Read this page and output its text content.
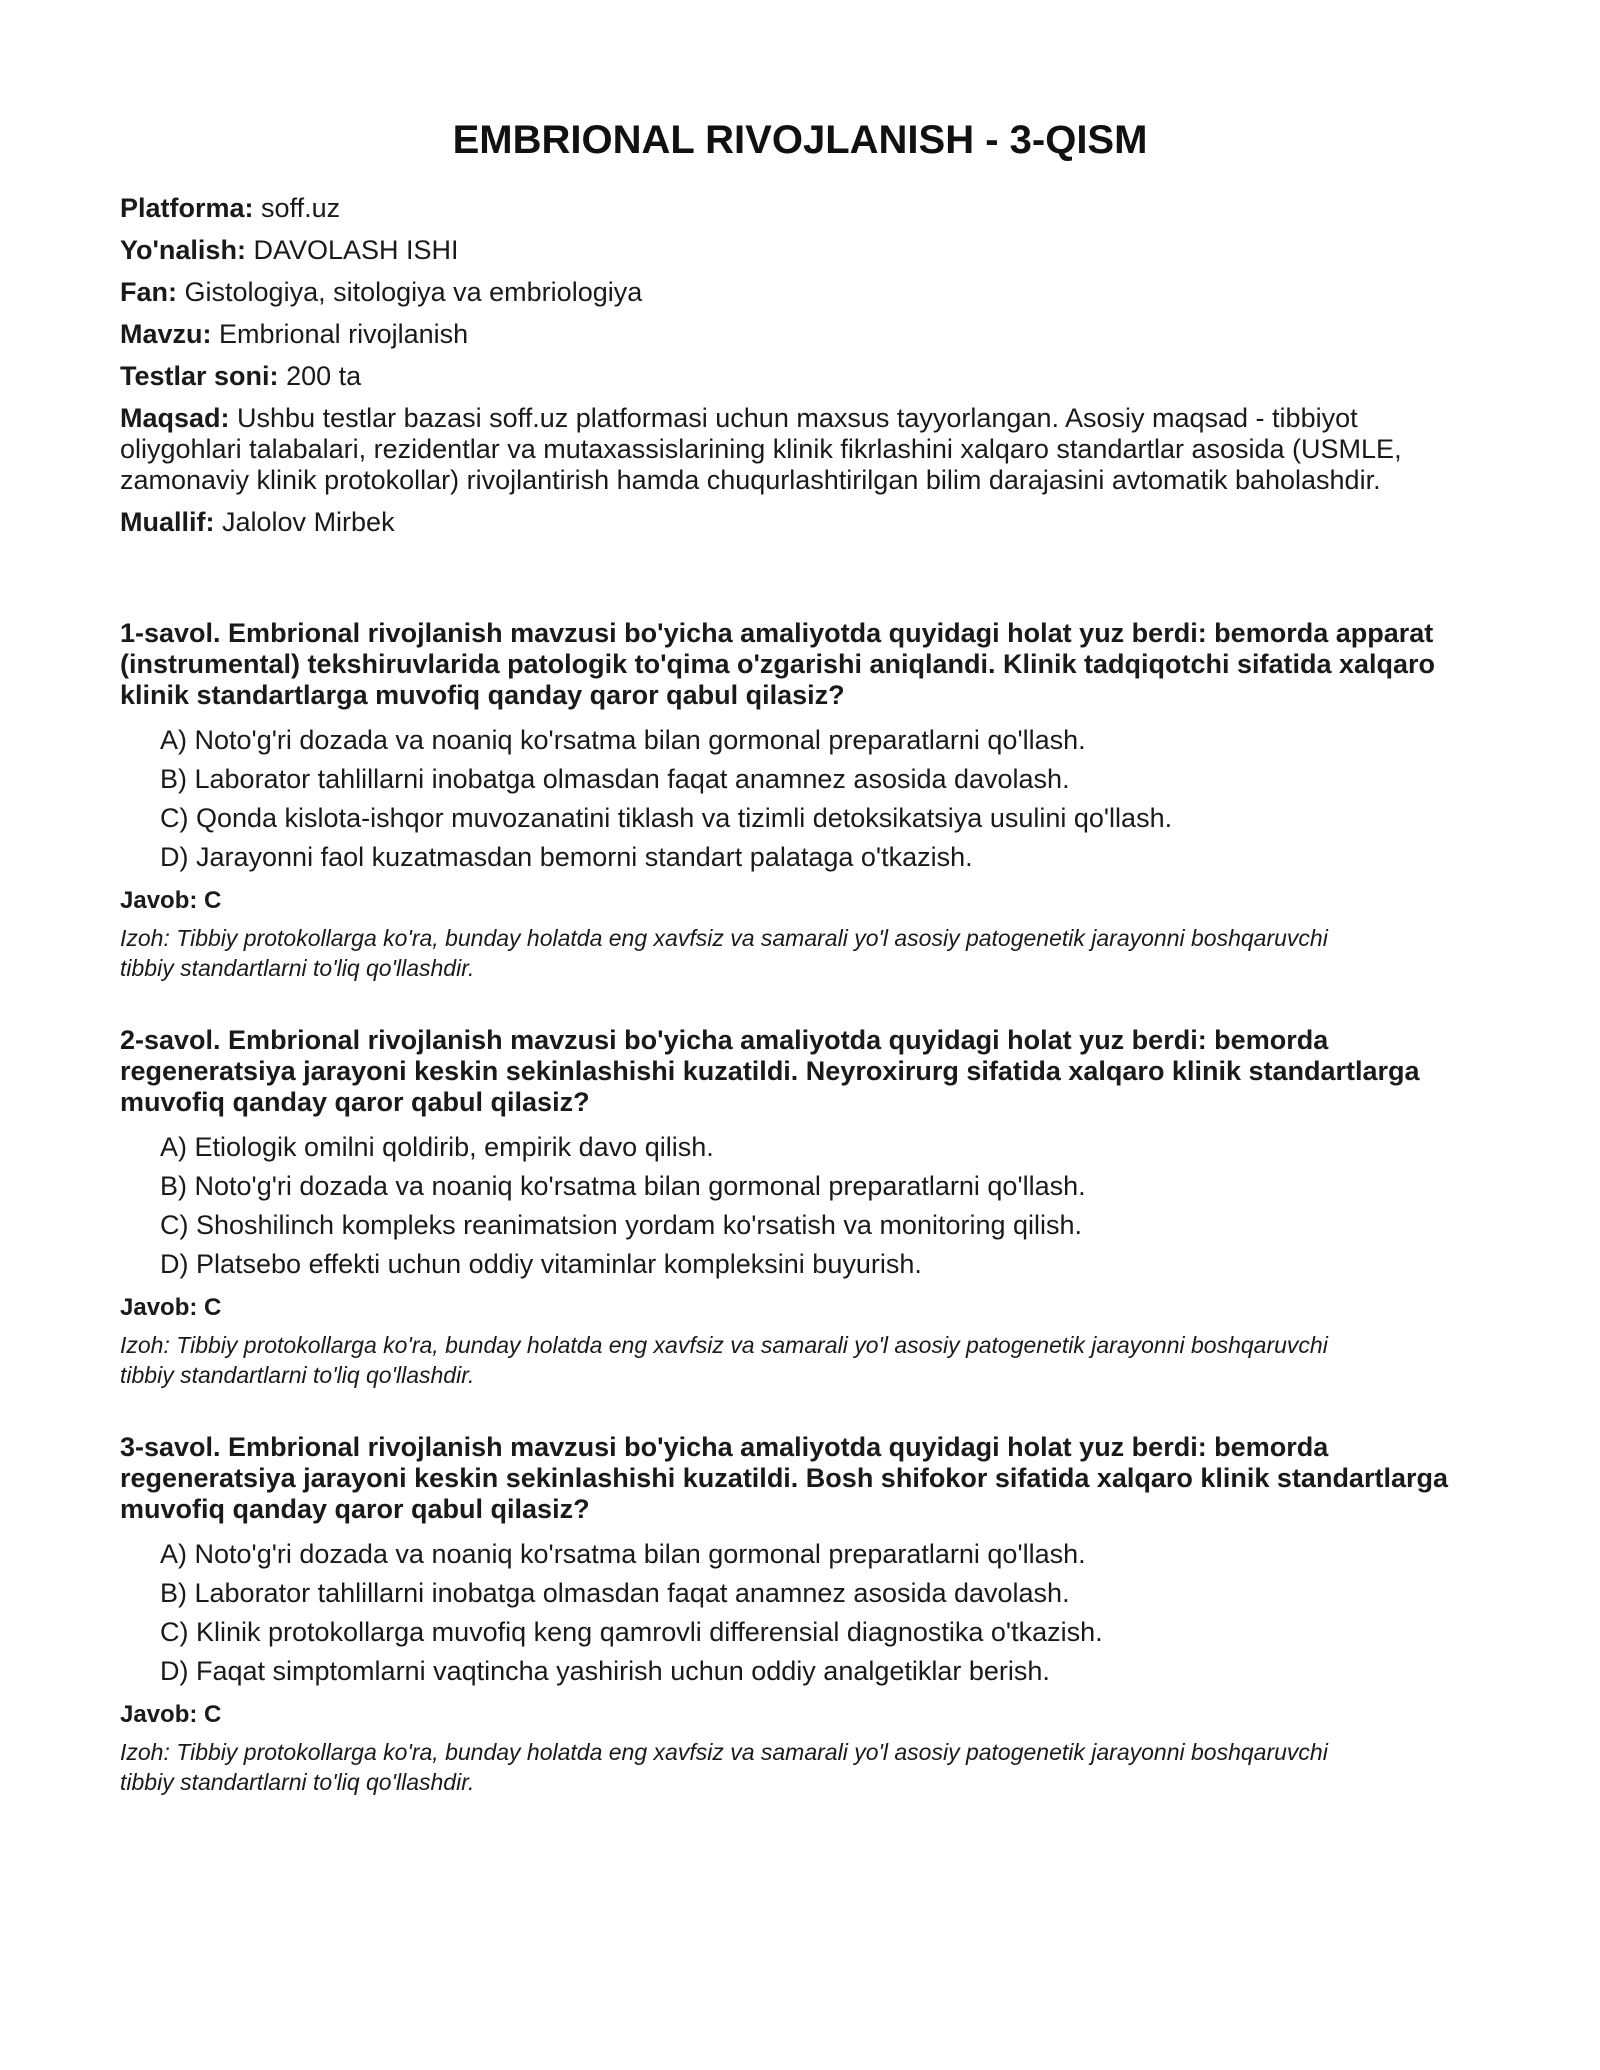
EMBRIONAL RIVOJLANISH - 3-QISM

Platforma: soff.uz

Yo'nalish: DAVOLASH ISHI

Fan: Gistologiya, sitologiya va embriologiya

Mavzu: Embrional rivojlanish

Testlar soni: 200 ta

Maqsad: Ushbu testlar bazasi soff.uz platformasi uchun maxsus tayyorlangan. Asosiy maqsad - tibbiyot oliygohlari talabalari, rezidentlar va mutaxassislarining klinik fikrlashini xalqaro standartlar asosida (USMLE, zamonaviy klinik protokollar) rivojlantirish hamda chuqurlashtirilgan bilim darajasini avtomatik baholashdir.

Muallif: Jalolov Mirbek

1-savol. Embrional rivojlanish mavzusi bo'yicha amaliyotda quyidagi holat yuz berdi: bemorda apparat (instrumental) tekshiruvlarida patologik to'qima o'zgarishi aniqlandi. Klinik tadqiqotchi sifatida xalqaro klinik standartlarga muvofiq qanday qaror qabul qilasiz?

A) Noto'g'ri dozada va noaniq ko'rsatma bilan gormonal preparatlarni qo'llash.
B) Laborator tahlillarni inobatga olmasdan faqat anamnez asosida davolash.
C) Qonda kislota-ishqor muvozanatini tiklash va tizimli detoksikatsiya usulini qo'llash.
D) Jarayonni faol kuzatmasdan bemorni standart palataga o'tkazish.

Javob: C

Izoh: Tibbiy protokollarga ko'ra, bunday holatda eng xavfsiz va samarali yo'l asosiy patogenetik jarayonni boshqaruvchi tibbiy standartlarni to'liq qo'llashdir.

2-savol. Embrional rivojlanish mavzusi bo'yicha amaliyotda quyidagi holat yuz berdi: bemorda regeneratsiya jarayoni keskin sekinlashishi kuzatildi. Neyroxirurg sifatida xalqaro klinik standartlarga muvofiq qanday qaror qabul qilasiz?

A) Etiologik omilni qoldirib, empirik davo qilish.
B) Noto'g'ri dozada va noaniq ko'rsatma bilan gormonal preparatlarni qo'llash.
C) Shoshilinch kompleks reanimatsion yordam ko'rsatish va monitoring qilish.
D) Platsebo effekti uchun oddiy vitaminlar kompleksini buyurish.

Javob: C

Izoh: Tibbiy protokollarga ko'ra, bunday holatda eng xavfsiz va samarali yo'l asosiy patogenetik jarayonni boshqaruvchi tibbiy standartlarni to'liq qo'llashdir.

3-savol. Embrional rivojlanish mavzusi bo'yicha amaliyotda quyidagi holat yuz berdi: bemorda regeneratsiya jarayoni keskin sekinlashishi kuzatildi. Bosh shifokor sifatida xalqaro klinik standartlarga muvofiq qanday qaror qabul qilasiz?

A) Noto'g'ri dozada va noaniq ko'rsatma bilan gormonal preparatlarni qo'llash.
B) Laborator tahlillarni inobatga olmasdan faqat anamnez asosida davolash.
C) Klinik protokollarga muvofiq keng qamrovli differensial diagnostika o'tkazish.
D) Faqat simptomlarni vaqtincha yashirish uchun oddiy analgetiklar berish.

Javob: C

Izoh: Tibbiy protokollarga ko'ra, bunday holatda eng xavfsiz va samarali yo'l asosiy patogenetik jarayonni boshqaruvchi tibbiy standartlarni to'liq qo'llashdir.
